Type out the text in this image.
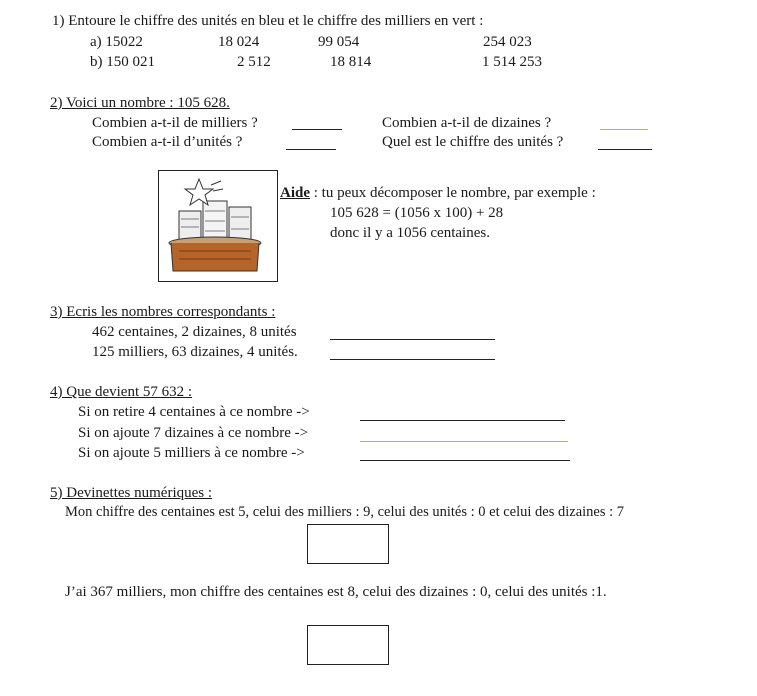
1) Entoure le chiffre des unités en bleu et le chiffre des milliers en vert :
a) 15022	18 024	99 054	254 023
b) 150 021	2 512	18 814	1 514 253
2) Voici un nombre : 105 628.
Combien a-t-il de milliers ?	Combien a-t-il de dizaines ?
Combien a-t-il d’unités ?	Quel est le chiffre des unités ?
Aide : tu peux décomposer le nombre, par exemple :
105 628 = (1056 x 100) + 28
donc il y a 1056 centaines.
3) Ecris les nombres correspondants :
462 centaines, 2 dizaines, 8 unités
125 milliers, 63 dizaines, 4 unités.
4) Que devient 57 632 :
Si on retire 4 centaines à ce nombre ->
Si on ajoute 7 dizaines à ce nombre ->
Si on ajoute 5 milliers à ce nombre ->
5) Devinettes numériques :
Mon chiffre des centaines est 5, celui des milliers : 9, celui des unités : 0 et celui des dizaines : 7
J’ai 367 milliers, mon chiffre des centaines est 8, celui des dizaines : 0, celui des unités :1.
